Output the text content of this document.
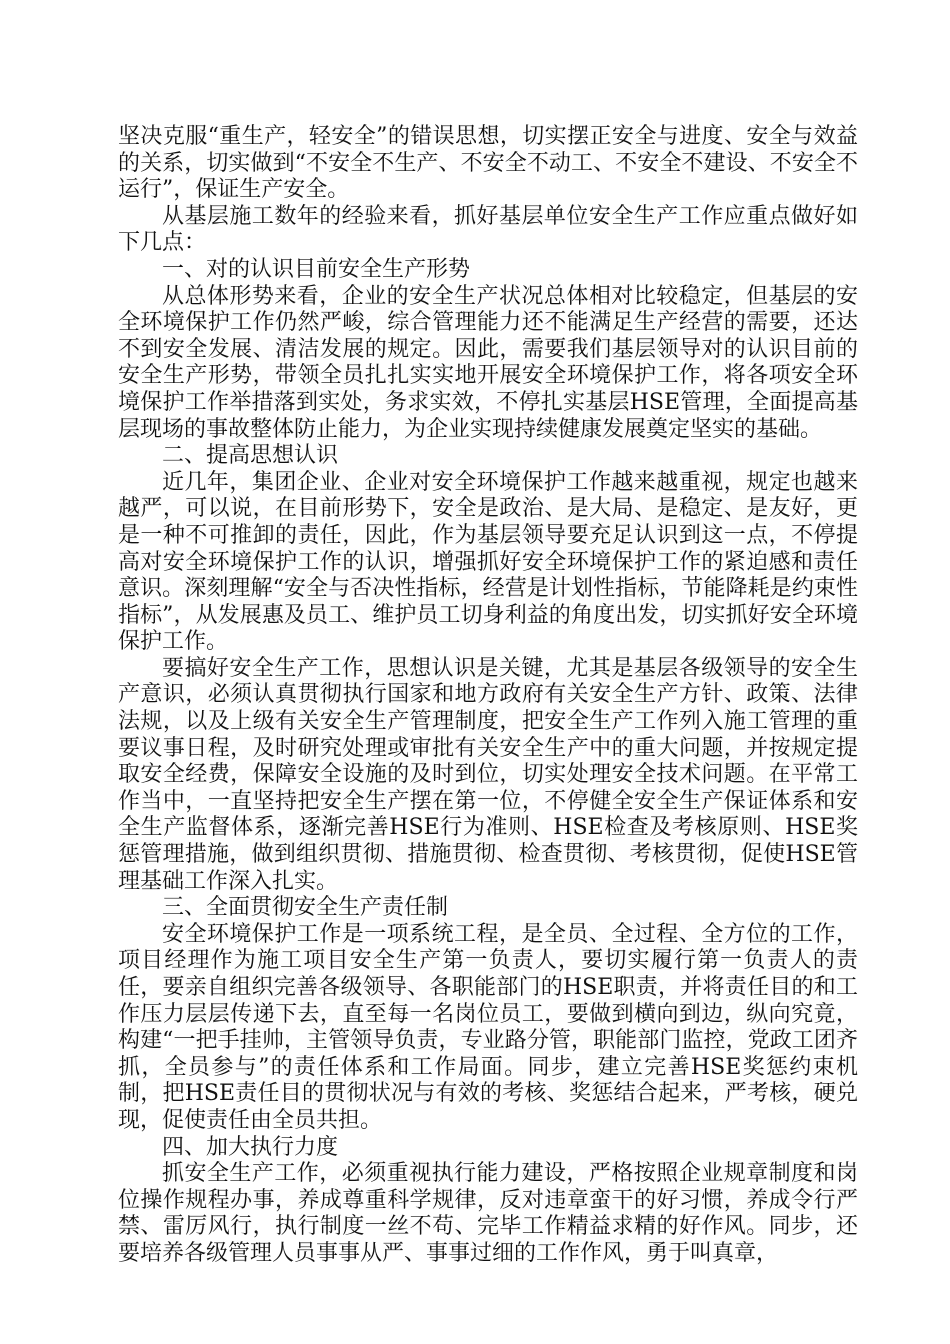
坚决克服“重生产，轻安全”的错误思想，切实摆正安全与进度、安全与效益的关系，切实做到“不安全不生产、不安全不动工、不安全不建设、不安全不运行”，保证生产安全。

从基层施工数年的经验来看，抓好基层单位安全生产工作应重点做好如下几点：

一、对的认识目前安全生产形势

从总体形势来看，企业的安全生产状况总体相对比较稳定，但基层的安全环境保护工作仍然严峻，综合管理能力还不能满足生产经营的需要，还达不到安全发展、清洁发展的规定。因此，需要我们基层领导对的认识目前的安全生产形势，带领全员扎扎实实地开展安全环境保护工作，将各项安全环境保护工作举措落到实处，务求实效，不停扎实基层HSE管理，全面提高基层现场的事故整体防止能力，为企业实现持续健康发展奠定坚实的基础。

二、提高思想认识

近几年，集团企业、企业对安全环境保护工作越来越重视，规定也越来越严，可以说，在目前形势下，安全是政治、是大局、是稳定、是友好，更是一种不可推卸的责任，因此，作为基层领导要充足认识到这一点，不停提高对安全环境保护工作的认识，增强抓好安全环境保护工作的紧迫感和责任意识。深刻理解“安全与否决性指标，经营是计划性指标，节能降耗是约束性指标”，从发展惠及员工、维护员工切身利益的角度出发，切实抓好安全环境保护工作。

要搞好安全生产工作，思想认识是关键，尤其是基层各级领导的安全生产意识，必须认真贯彻执行国家和地方政府有关安全生产方针、政策、法律法规，以及上级有关安全生产管理制度，把安全生产工作列入施工管理的重要议事日程，及时研究处理或审批有关安全生产中的重大问题，并按规定提取安全经费，保障安全设施的及时到位，切实处理安全技术问题。在平常工作当中，一直坚持把安全生产摆在第一位，不停健全安全生产保证体系和安全生产监督体系，逐渐完善HSE行为准则、HSE检查及考核原则、HSE奖惩管理措施，做到组织贯彻、措施贯彻、检查贯彻、考核贯彻，促使HSE管理基础工作深入扎实。

三、全面贯彻安全生产责任制

安全环境保护工作是一项系统工程，是全员、全过程、全方位的工作，项目经理作为施工项目安全生产第一负责人，要切实履行第一负责人的责任，要亲自组织完善各级领导、各职能部门的HSE职责，并将责任目的和工作压力层层传递下去，直至每一名岗位员工，要做到横向到边，纵向究竟，构建“一把手挂帅，主管领导负责，专业路分管，职能部门监控，党政工团齐抓，全员参与”的责任体系和工作局面。同步，建立完善HSE奖惩约束机制，把HSE责任目的贯彻状况与有效的考核、奖惩结合起来，严考核，硬兑现，促使责任由全员共担。

四、加大执行力度

抓安全生产工作，必须重视执行能力建设，严格按照企业规章制度和岗位操作规程办事，养成尊重科学规律，反对违章蛮干的好习惯，养成令行严禁、雷厉风行，执行制度一丝不苟、完毕工作精益求精的好作风。同步，还要培养各级管理人员事事从严、事事过细的工作作风，勇于叫真章，
